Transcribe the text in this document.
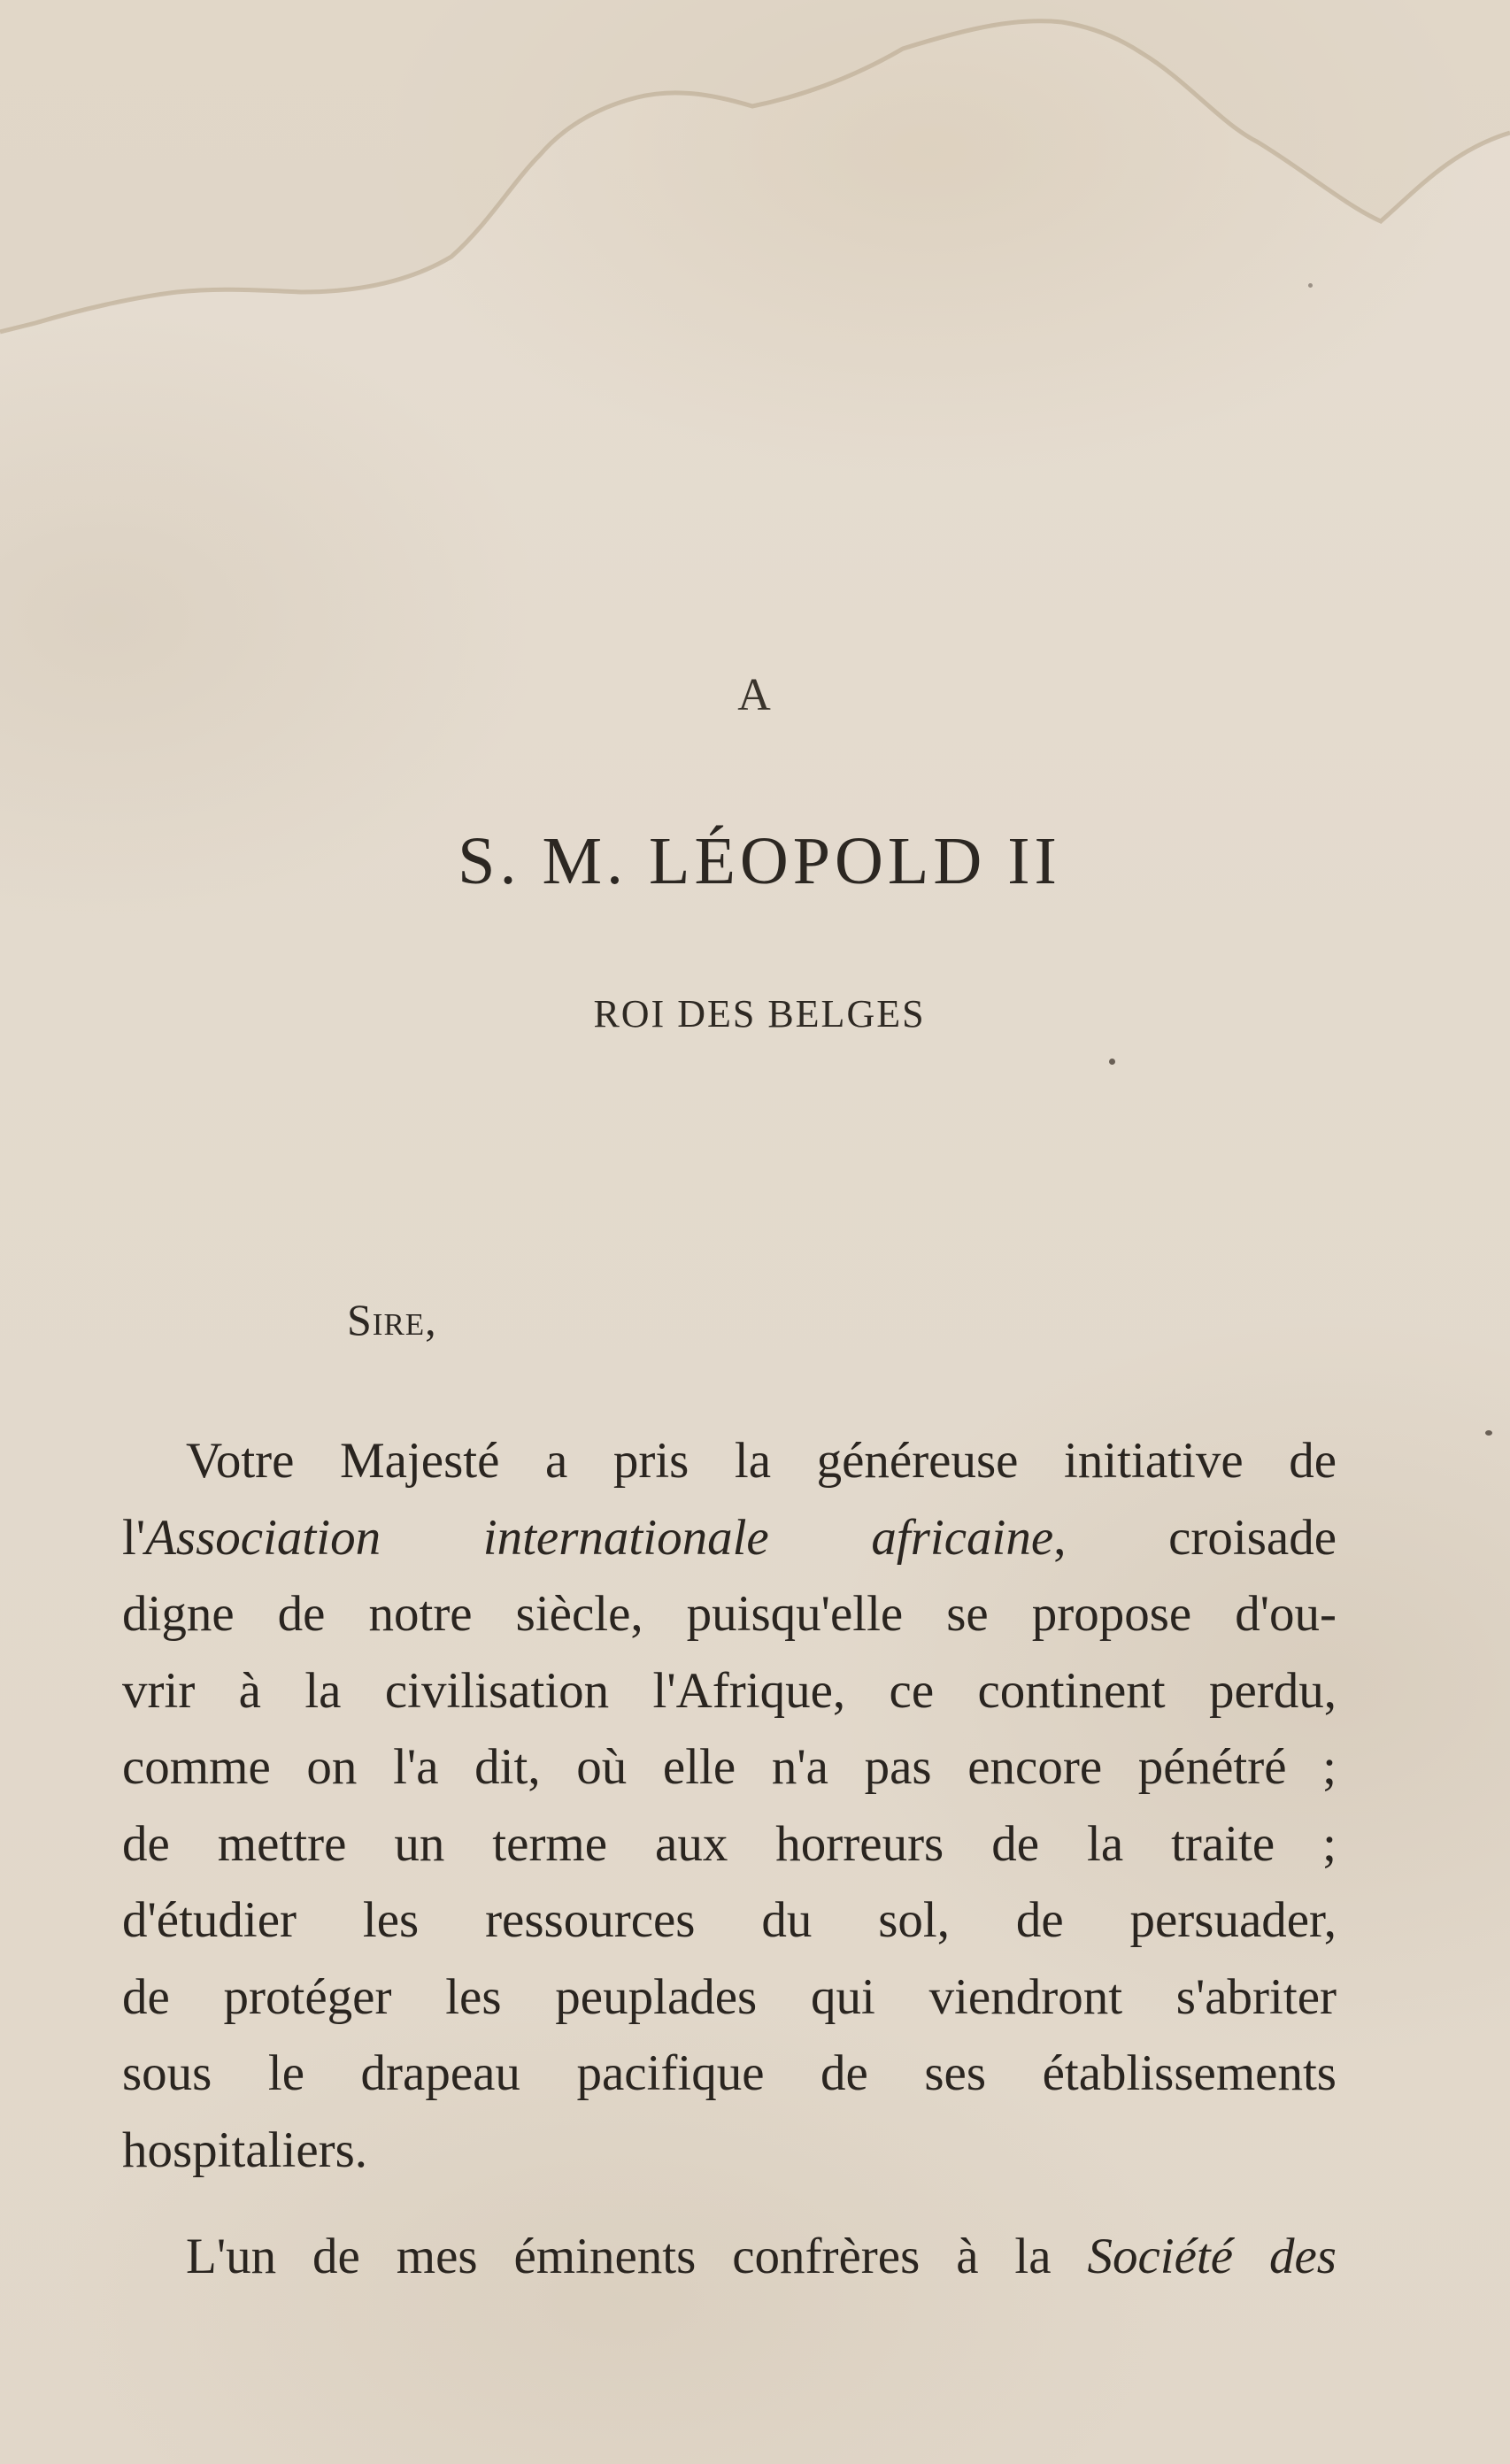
A
S. M. LÉOPOLD II
ROI DES BELGES
Sire,
Votre Majesté a pris la généreuse initiative de
l'Association internationale africaine, croisade
digne de notre siècle, puisqu'elle se propose d'ou-
vrir à la civilisation l'Afrique, ce continent perdu,
comme on l'a dit, où elle n'a pas encore pénétré ;
de mettre un terme aux horreurs de la traite ;
d'étudier les ressources du sol, de persuader,
de protéger les peuplades qui viendront s'abriter
sous le drapeau pacifique de ses établissements
hospitaliers.
L'un de mes éminents confrères à la Société des
